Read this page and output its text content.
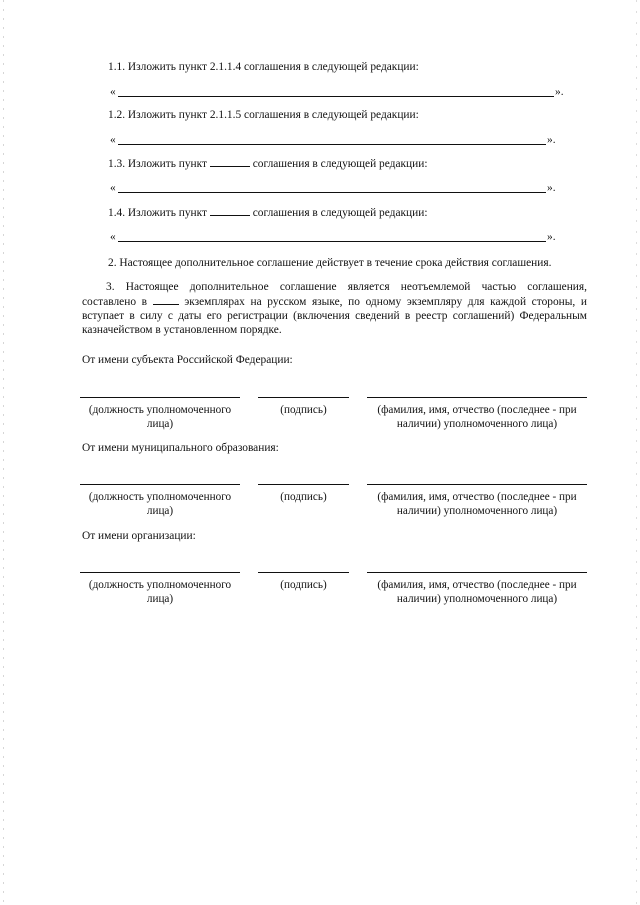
1.1. Изложить пункт 2.1.1.4 соглашения в следующей редакции:
«	».
1.2. Изложить пункт 2.1.1.5 соглашения в следующей редакции:
«	».
1.3. Изложить пункт	соглашения в следующей редакции:
«	».
1.4. Изложить пункт	соглашения в следующей редакции:
«	».
2. Настоящее дополнительное соглашение действует в течение срока действия соглашения.
3. Настоящее дополнительное соглашение является неотъемлемой частью соглашения,
составлено в	экземплярах на русском языке, по одному экземпляру для каждой стороны, и
вступает в силу с даты его регистрации (включения сведений в реестр соглашений) Федеральным
казначейством в установленном порядке.
От имени субъекта Российской Федерации:
(должность уполномоченного лица)
(подпись)	(фамилия, имя, отчество (последнее - при наличии) уполномоченного лица)
От имени муниципального образования:
(должность уполномоченного лица)
(подпись)	(фамилия, имя, отчество (последнее - при наличии) уполномоченного лица)
От имени организации:
(должность уполномоченного лица)
(подпись)	(фамилия, имя, отчество (последнее - при наличии) уполномоченного лица)
